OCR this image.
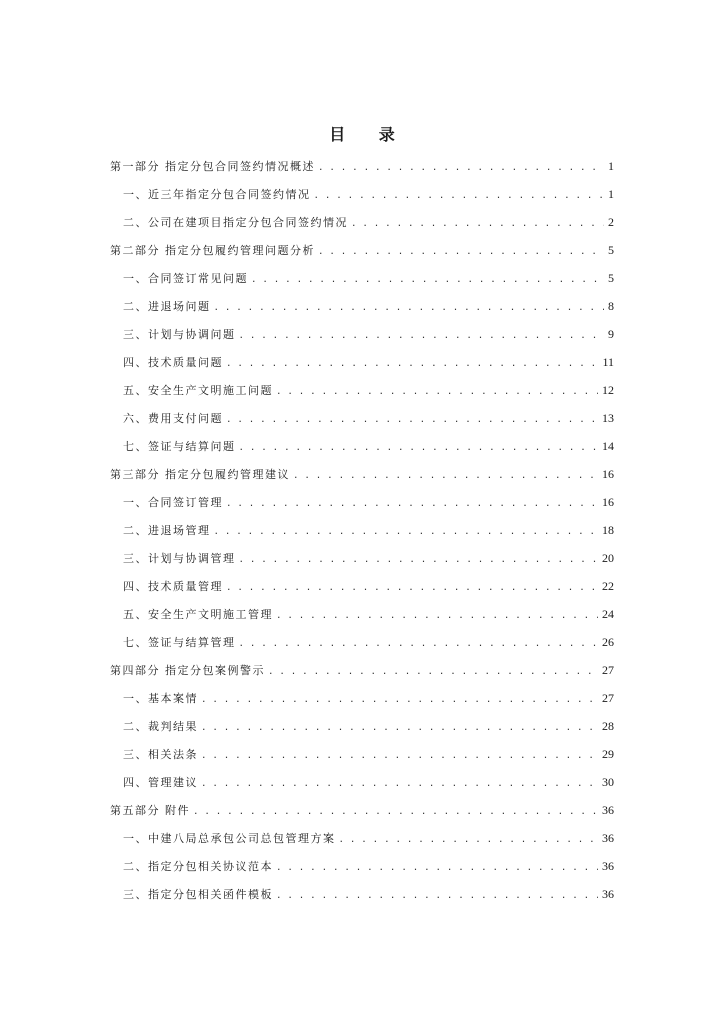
目 录
第一部分 指定分包合同签约情况概述 . . .	1
一、近三年指定分包合同签约情况 . . .	1
二、公司在建项目指定分包合同签约情况 . . .	2
第二部分 指定分包履约管理问题分析 . . .	5
一、合同签订常见问题 . . .	5
二、进退场问题 . . .	8
三、计划与协调问题 . . .	9
四、技术质量问题 . . .	11
五、安全生产文明施工问题 . . .	12
六、费用支付问题 . . .	13
七、签证与结算问题 . . .	14
第三部分 指定分包履约管理建议 . . .	16
一、合同签订管理 . . .	16
二、进退场管理 . . .	18
三、计划与协调管理 . . .	20
四、技术质量管理 . . .	22
五、安全生产文明施工管理 . . .	24
七、签证与结算管理 . . .	26
第四部分 指定分包案例警示 . . .	27
一、基本案情 . . .	27
二、裁判结果 . . .	28
三、相关法条 . . .	29
四、管理建议 . . .	30
第五部分 附件 . . .	36
一、中建八局总承包公司总包管理方案 . . .	36
二、指定分包相关协议范本 . . .	36
三、指定分包相关函件模板 . . .	36
